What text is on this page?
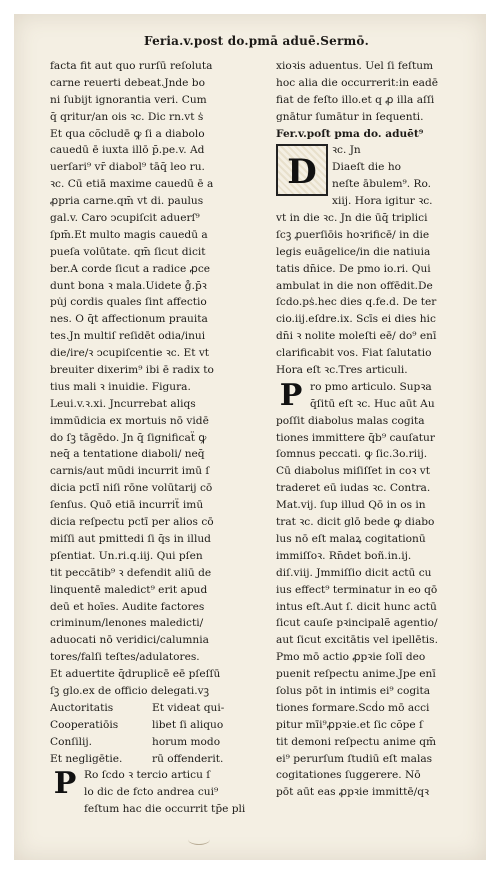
Feria.v.post do.pmā aduē.Sermō.
facta fit aut quo rurſū reſoluta
carne reuerti debeat.Jnde bo
ni ſubijt ignorantia veri. Cum
q̄ qritur/an ois ꝛc. Dic rn.vt ṡ
Et qua cõcludē ꝙ ſi a diabolo
cauedū ē iuxta illō p̄.pe.v. Ad
uerſari⁹ vr̄ diabol⁹ tāq̄ leo ru.
ꝛc. Cū etiā maxime cauedū ē a
ꝓpria carne.qm̄ vt di. paulus
gal.v. Caro ↄcupiſcit aduerſ⁹
ſpm̄.Et multo magis cauedū a
pueſa volūtate. qm̄ ſicut dicit
ber.A corde ſicut a radice ꝓce
dunt bona ꝛ mala.Uidete g̊.p̄ꝛ
pu̇j cordis quales ſint affectio
nes. O q̄t affectionum prauita
tes.Jn multiſ reſidēt odia/inui
die/ire/ꝛ ↄcupiſcentie ꝛc. Et vt
breuiter dixerim⁹ ibi ē radix to
tius mali ꝛ inuidie. Figura.
Leui.v.ꝛ.xi. Jncurrebat aliqs
immūdicia ex mortuis nō vidē
do ſꝫ tāgēdo. Jn q̄ ſignificaẗ ꝙ
neq̄ a tentatione diaboli/ neq̄
carnis/aut mūdi incurrit imū ſ
dicia pctī niſi rōne volūtarij cō
ſenſus. Quō etiā incurriẗ imū
dicia reſpectu pctī per alios cō
miſſi aut pmittedi ſi q̄s in illud
pſentiat. Un.ri.q.iij. Qui pſen
tit peccātib⁹ ꝛ defendit aliū de
linquentē maledict⁹ erit apud
deū et hoīes. Audite factores
criminum/lenones maledicti/
aduocati nō veridici/calumnia
tores/falſi teſtes/adulatores.
Et aduertite q̄druplicē eē pſeſſū
ſꝫ glo.ex de officio delegati.vꝫ
Auctoritatis
Cooperatiōis
Conſilij.
Et negligētie.
Et videat qui-
libet ſi aliquo
horum modo
rū offenderit.
P Ro ſcdo ꝛ tercio articu ſ
lo dic de fcto andrea cui⁹
feſtum hac die occurrit tp̄e pli
xioꝛis aduentus. Uel ſi feſtum
hoc alia die occurrerit:in eadē
fiat de feſto illo.et q ꝓ illa aſſi
gnātur ſumātur in ſequenti.
Fer.v.poſt pma do. aduēt⁹
D
ꝛc. Jn
Diaeſt die ho
neſte ābulem⁹. Ro.
xiij. Hora igitur ꝛc.
vt in die ꝛc. Jn die ūq̄ triplici
ſcꝫ ꝓuerſiōis hoꝛrificē/ in die
legis euāgelice/in die natiuia
tatis dn̄ice. De pmo io.ri. Qui
ambulat in die non offēdit.De
ſcdo.pṡ.hec dies q.fe.d. De ter
cio.iij.eſdre.ix. Scīs ei dies hic
dn̄i ꝛ nolite moleſti eē/ do⁹ enī
clarificabit vos. Fiat ſalutatio
Hora eſt ꝛc.Tres articuli.
P ro pmo articulo. Supꝛa
q̄ſitū eſt ꝛc. Huc aūt Au
poſſit diabolus malas cogita
tiones immittere q̄b⁹ cauſatur
ſomnus peccati. ꝙ ſic.3o.riij.
Cū diabolus miſiſſet in coꝛ vt
traderet eū iudas ꝛc. Contra.
Mat.vij. ſup illud Qō in os in
trat ꝛc. dicit glō bede ꝙ diabo
lus nō eſt malaꝝ cogitationū
immiſſoꝛ. Rn̄det boñ.in.ij.
diſ.viij. Jmmiſſio dicit actū cu
ius effect⁹ terminatur in eo qō
intus eſt.Aut ſ. dicit hunc actū
ſicut cauſe pꝛincipalẽ agentio/
aut ſicut excitātis vel ipellētis.
Pmo mō actio ꝓpꝛie ſolī deo
puenit reſpectu anime.Jpe enī
ſolus pōt in intimis ei⁹ cogita
tiones formare.Scḋo mō acci
pitur mīi⁹ꝓpꝛie.et ſic cõpe ſ
tit demoni reſpectu anime qm̄
ei⁹ perurſum ſtudiū eſt malas
cogitationes ſuggerere. Nō
pōt aūt eas ꝓpꝛie immittē/qꝛ
